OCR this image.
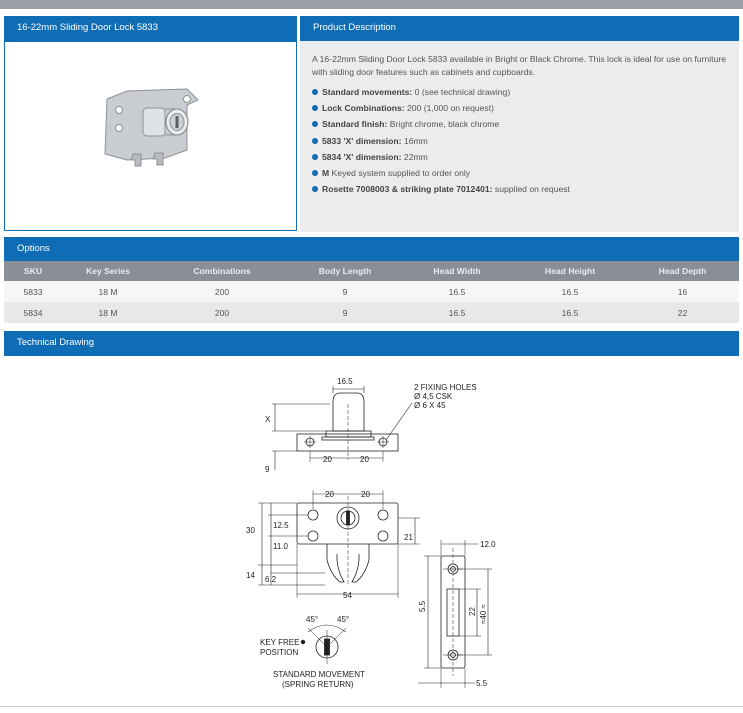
16-22mm Sliding Door Lock 5833	Product Description

A 16-22mm Sliding Door Lock 5833 available in Bright or Black Chrome. This lock is ideal for use on furniture with sliding door features such as cabinets and cupboards.

Standard movements: 0 (see technical drawing)
Lock Combinations: 200 (1,000 on request)
Standard finish: Bright chrome, black chrome
5833 'X' dimension: 16mm
5834 'X' dimension: 22mm
M Keyed system supplied to order only
Rosette 7008003 & striking plate 7012401: supplied on request
Options
SKU	Key Series	Combinations	Body Length	Head Width	Head Height	Head Depth
5833	18 M	200	9	16.5	16.5	16
5834	18 M	200	9	16.5	16.5	22
Technical Drawing
16.5
2 FIXING HOLES
Ø 4,5 CSK
Ø 6 X 45
X
9
20	20
20	20
30
12.5
11.0
21
14 6.2
54
45° 45°
KEY FREE
POSITION
STANDARD MOVEMENT
(SPRING RETURN)
12.0
5.5	22 ≈40 ≈
5.5
